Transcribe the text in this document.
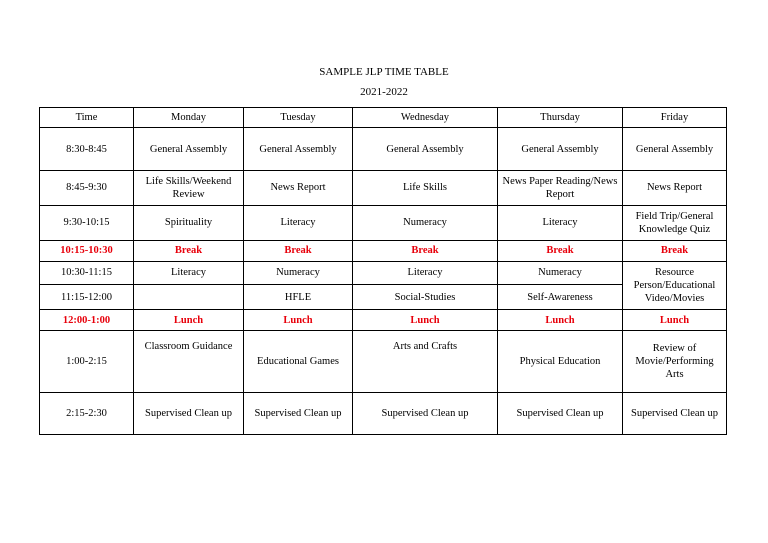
SAMPLE JLP TIME TABLE
2021-2022
Time	Monday	Tuesday	Wednesday	Thursday	Friday
8:30-8:45	General Assembly	General Assembly	General Assembly	General Assembly	General Assembly
8:45-9:30	Life Skills/Weekend Review	News Report	Life Skills	News Paper Reading/News Report	News Report
9:30-10:15	Spirituality	Literacy	Numeracy	Literacy	Field Trip/General Knowledge Quiz
10:15-10:30	Break	Break	Break	Break	Break
10:30-11:15	Literacy	Numeracy	Literacy	Numeracy	Resource Person/Educational Video/Movies
11:15-12:00		HFLE	Social-Studies	Self-Awareness	
12:00-1:00	Lunch	Lunch	Lunch	Lunch	Lunch
1:00-2:15	Classroom Guidance	Educational Games	Arts and Crafts	Physical Education	Review of Movie/Performing Arts
2:15-2:30	Supervised Clean up	Supervised Clean up	Supervised Clean up	Supervised Clean up	Supervised Clean up
